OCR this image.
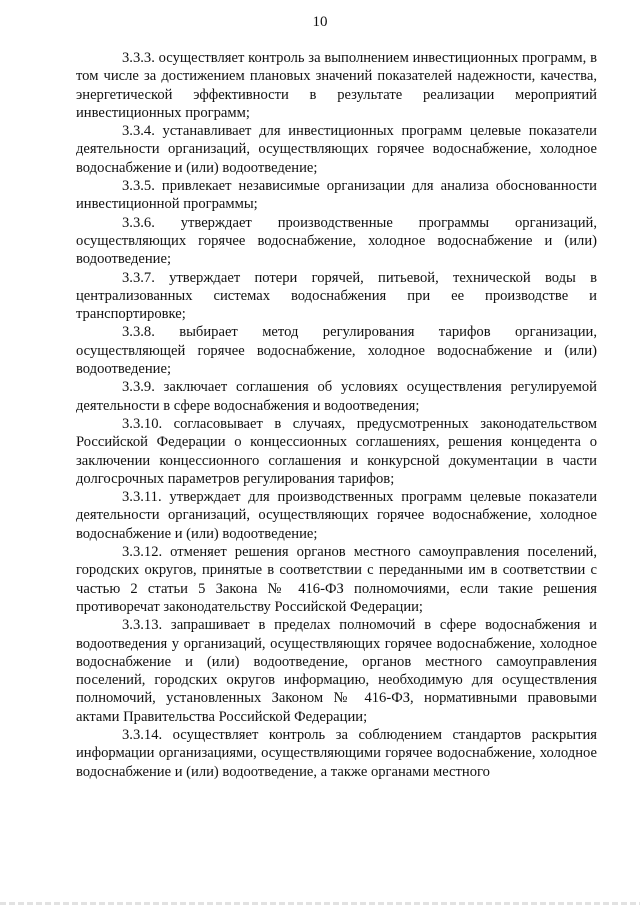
10

3.3.3. осуществляет контроль за выполнением инвестиционных программ, в том числе за достижением плановых значений показателей надежности, качества, энергетической эффективности в результате реализации мероприятий инвестиционных программ;

3.3.4. устанавливает для инвестиционных программ целевые показатели деятельности организаций, осуществляющих горячее водоснабжение, холодное водоснабжение и (или) водоотведение;

3.3.5. привлекает независимые организации для анализа обоснованности инвестиционной программы;

3.3.6. утверждает производственные программы организаций, осуществляющих горячее водоснабжение, холодное водоснабжение и (или) водоотведение;

3.3.7. утверждает потери горячей, питьевой, технической воды в централизованных системах водоснабжения при ее производстве и транспортировке;

3.3.8. выбирает метод регулирования тарифов организации, осуществляющей горячее водоснабжение, холодное водоснабжение и (или) водоотведение;

3.3.9. заключает соглашения об условиях осуществления регулируемой деятельности в сфере водоснабжения и водоотведения;

3.3.10. согласовывает в случаях, предусмотренных законодательством Российской Федерации о концессионных соглашениях, решения концедента о заключении концессионного соглашения и конкурсной документации в части долгосрочных параметров регулирования тарифов;

3.3.11. утверждает для производственных программ целевые показатели деятельности организаций, осуществляющих горячее водоснабжение, холодное водоснабжение и (или) водоотведение;

3.3.12. отменяет решения органов местного самоуправления поселений, городских округов, принятые в соответствии с переданными им в соответствии с частью 2 статьи 5 Закона № 416-ФЗ полномочиями, если такие решения противоречат законодательству Российской Федерации;

3.3.13. запрашивает в пределах полномочий в сфере водоснабжения и водоотведения у организаций, осуществляющих горячее водоснабжение, холодное водоснабжение и (или) водоотведение, органов местного самоуправления поселений, городских округов информацию, необходимую для осуществления полномочий, установленных Законом № 416-ФЗ, нормативными правовыми актами Правительства Российской Федерации;

3.3.14. осуществляет контроль за соблюдением стандартов раскрытия информации организациями, осуществляющими горячее водоснабжение, холодное водоснабжение и (или) водоотведение, а также органами местного
